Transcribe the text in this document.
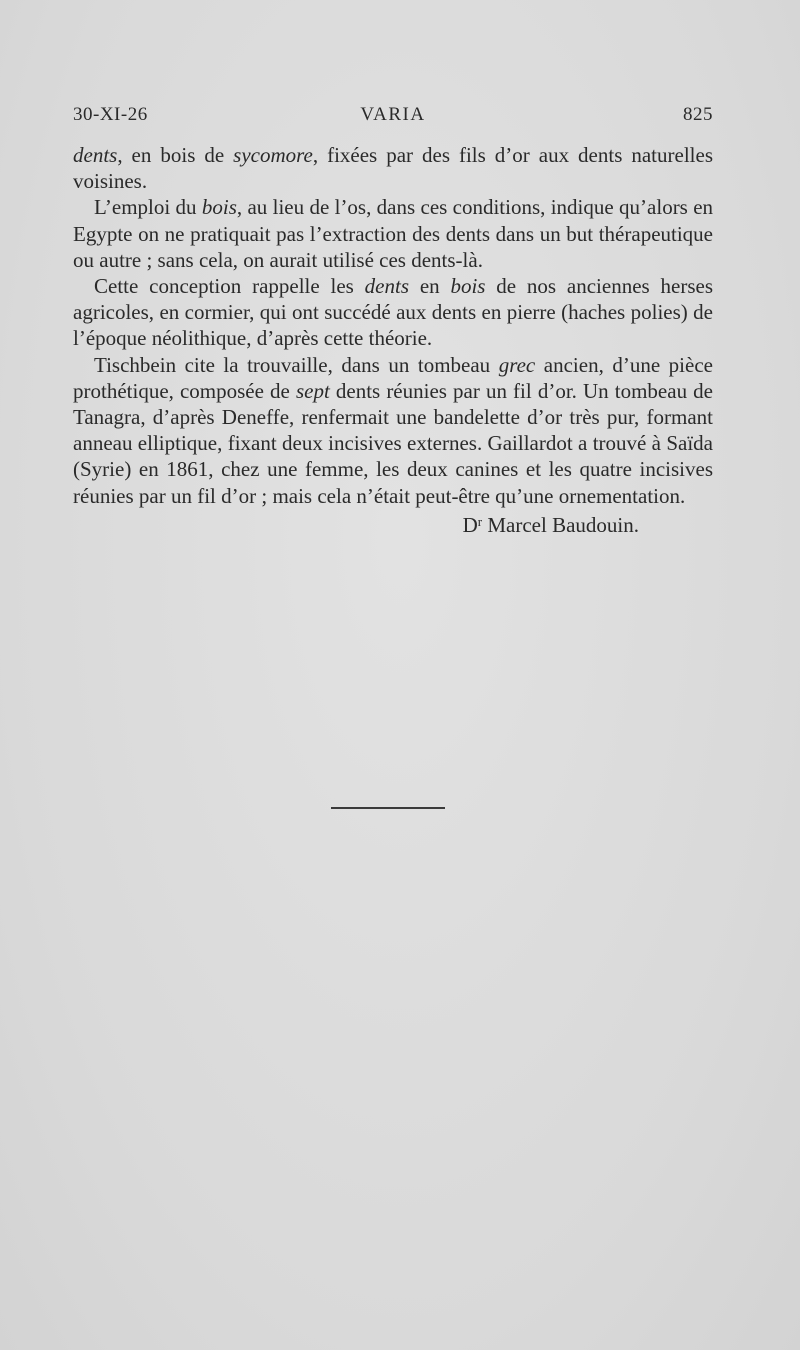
VARIA
30-XI-26	825

dents, en bois de sycomore, fixées par des fils d’or aux dents naturelles voisines.

L’emploi du bois, au lieu de l’os, dans ces conditions, indique qu’alors en Egypte on ne pratiquait pas l’extraction des dents dans un but thérapeutique ou autre ; sans cela, on aurait utilisé ces dents-là.

Cette conception rappelle les dents en bois de nos anciennes herses agricoles, en cormier, qui ont succédé aux dents en pierre (haches polies) de l’époque néolithique, d’après cette théorie.

Tischbein cite la trouvaille, dans un tombeau grec ancien, d’une pièce prothétique, composée de sept dents réunies par un fil d’or. Un tombeau de Tanagra, d’après Deneffe, renfermait une bandelette d’or très pur, formant anneau elliptique, fixant deux incisives externes. Gaillardot a trouvé à Saïda (Syrie) en 1861, chez une femme, les deux canines et les quatre incisives réunies par un fil d’or ; mais cela n’était peut-être qu’une ornementation.

$D^r$ Marcel Baudouin.
